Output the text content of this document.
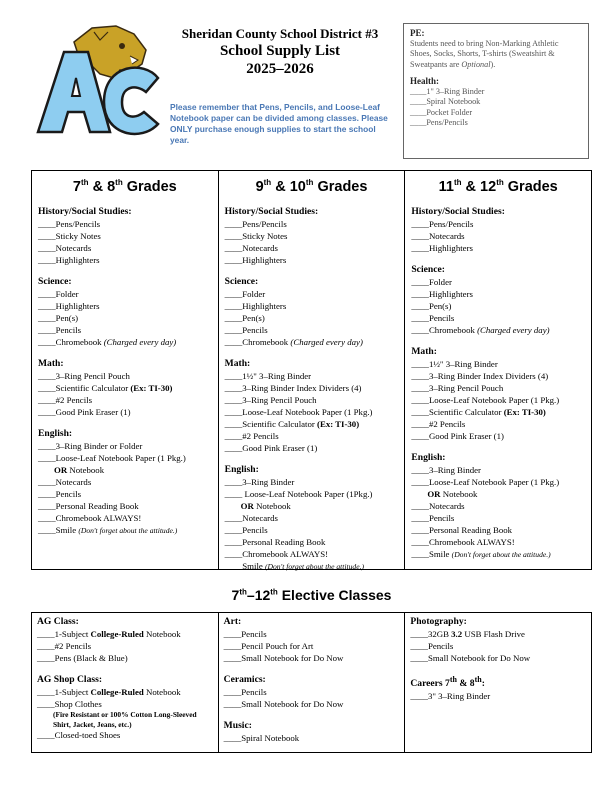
Sheridan County School District #3
School Supply List
2025–2026
Please remember that Pens, Pencils, and Loose-Leaf Notebook paper can be divided among classes. Please ONLY purchase enough supplies to start the school year.
PE:
Students need to bring Non-Marking Athletic Shoes, Socks, Shorts, T-shirts (Sweatshirt & Sweatpants are Optional).
Health:
____1" 3–Ring Binder
____Spiral Notebook
____Pocket Folder
____Pens/Pencils
7th & 8th Grades
History/Social Studies:
____Pens/Pencils
____Sticky Notes
____Notecards
____Highlighters
Science:
____Folder
____Highlighters
____Pen(s)
____Pencils
____Chromebook (Charged every day)
Math:
____3–Ring Pencil Pouch
____Scientific Calculator (Ex: TI-30)
____#2 Pencils
____Good Pink Eraser (1)
English:
____3–Ring Binder or Folder
____Loose-Leaf Notebook Paper (1 Pkg.)
OR Notebook
____Notecards
____Pencils
____Personal Reading Book
____Chromebook ALWAYS!
____Smile (Don't forget about the attitude.)
9th & 10th Grades
History/Social Studies:
____Pens/Pencils
____Sticky Notes
____Notecards
____Highlighters
Science:
____Folder
____Highlighters
____Pen(s)
____Pencils
____Chromebook (Charged every day)
Math:
____1½" 3–Ring Binder
____3–Ring Binder Index Dividers (4)
____3–Ring Pencil Pouch
____Loose-Leaf Notebook Paper (1 Pkg.)
____Scientific Calculator (Ex: TI-30)
____#2 Pencils
____Good Pink Eraser (1)
English:
____3–Ring Binder
____ Loose-Leaf Notebook Paper (1Pkg.)
OR Notebook
____Notecards
____Pencils
____Personal Reading Book
____Chromebook ALWAYS!
____Smile (Don't forget about the attitude.)
11th & 12th Grades
History/Social Studies:
____Pens/Pencils
____Notecards
____Highlighters
Science:
____Folder
____Highlighters
____Pen(s)
____Pencils
____Chromebook (Charged every day)
Math:
____1½" 3–Ring Binder
____3–Ring Binder Index Dividers (4)
____3–Ring Pencil Pouch
____Loose-Leaf Notebook Paper (1 Pkg.)
____Scientific Calculator (Ex: TI-30)
____#2 Pencils
____Good Pink Eraser (1)
English:
____3–Ring Binder
____Loose-Leaf Notebook Paper (1 Pkg.)
OR Notebook
____Notecards
____Pencils
____Personal Reading Book
____Chromebook ALWAYS!
____Smile (Don't forget about the attitude.)
7th–12th Elective Classes
AG Class:
____1-Subject College-Ruled Notebook
____#2 Pencils
____Pens (Black & Blue)
AG Shop Class:
____1-Subject College-Ruled Notebook
____Shop Clothes
(Fire Resistant or 100% Cotton Long-Sleeved Shirt, Jacket, Jeans, etc.)
____Closed-toed Shoes
Art:
____Pencils
____Pencil Pouch for Art
____Small Notebook for Do Now
Ceramics:
____Pencils
____Small Notebook for Do Now
Music:
____Spiral Notebook
Photography:
____32GB 3.2 USB Flash Drive
____Pencils
____Small Notebook for Do Now
Careers 7th & 8th:
____3" 3–Ring Binder
